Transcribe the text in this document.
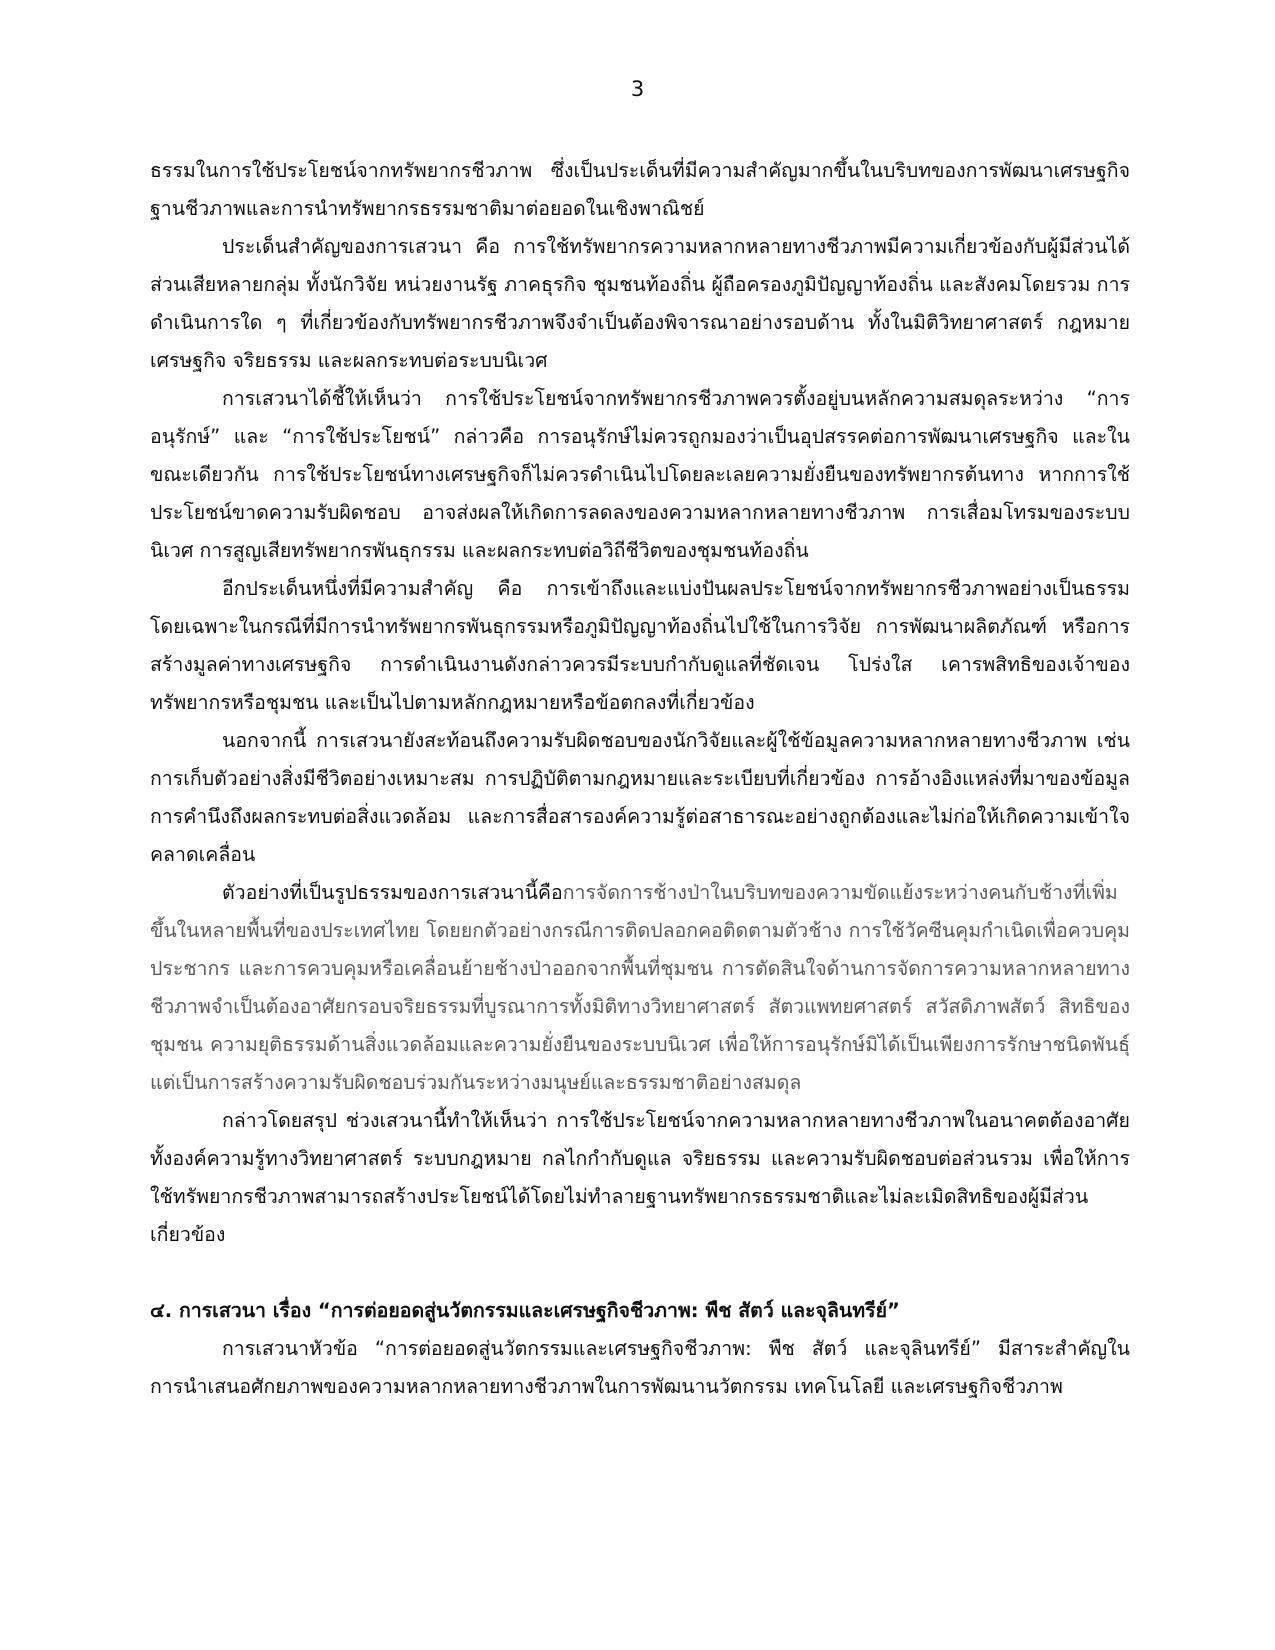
3

ธรรมในการใช้ประโยชน์จากทรัพยากรชีวภาพ ซึ่งเป็นประเด็นที่มีความสำคัญมากขึ้นในบริบทของการพัฒนาเศรษฐกิจฐานชีวภาพและการนำทรัพยากรธรรมชาติมาต่อยอดในเชิงพาณิชย์

ประเด็นสำคัญของการเสวนา คือ การใช้ทรัพยากรความหลากหลายทางชีวภาพมีความเกี่ยวข้องกับผู้มีส่วนได้ส่วนเสียหลายกลุ่ม ทั้งนักวิจัย หน่วยงานรัฐ ภาคธุรกิจ ชุมชนท้องถิ่น ผู้ถือครองภูมิปัญญาท้องถิ่น และสังคมโดยรวม การดำเนินการใด ๆ ที่เกี่ยวข้องกับทรัพยากรชีวภาพจึงจำเป็นต้องพิจารณาอย่างรอบด้าน ทั้งในมิติวิทยาศาสตร์ กฎหมาย เศรษฐกิจ จริยธรรม และผลกระทบต่อระบบนิเวศ

การเสวนาได้ชี้ให้เห็นว่า การใช้ประโยชน์จากทรัพยากรชีวภาพควรตั้งอยู่บนหลักความสมดุลระหว่าง “การอนุรักษ์” และ “การใช้ประโยชน์” กล่าวคือ การอนุรักษ์ไม่ควรถูกมองว่าเป็นอุปสรรคต่อการพัฒนาเศรษฐกิจ และในขณะเดียวกัน การใช้ประโยชน์ทางเศรษฐกิจก็ไม่ควรดำเนินไปโดยละเลยความยั่งยืนของทรัพยากรต้นทาง หากการใช้ประโยชน์ขาดความรับผิดชอบ อาจส่งผลให้เกิดการลดลงของความหลากหลายทางชีวภาพ การเสื่อมโทรมของระบบนิเวศ การสูญเสียทรัพยากรพันธุกรรม และผลกระทบต่อวิถีชีวิตของชุมชนท้องถิ่น

อีกประเด็นหนึ่งที่มีความสำคัญ คือ การเข้าถึงและแบ่งปันผลประโยชน์จากทรัพยากรชีวภาพอย่างเป็นธรรม โดยเฉพาะในกรณีที่มีการนำทรัพยากรพันธุกรรมหรือภูมิปัญญาท้องถิ่นไปใช้ในการวิจัย การพัฒนาผลิตภัณฑ์ หรือการสร้างมูลค่าทางเศรษฐกิจ การดำเนินงานดังกล่าวควรมีระบบกำกับดูแลที่ชัดเจน โปร่งใส เคารพสิทธิของเจ้าของทรัพยากรหรือชุมชน และเป็นไปตามหลักกฎหมายหรือข้อตกลงที่เกี่ยวข้อง

นอกจากนี้ การเสวนายังสะท้อนถึงความรับผิดชอบของนักวิจัยและผู้ใช้ข้อมูลความหลากหลายทางชีวภาพ เช่น การเก็บตัวอย่างสิ่งมีชีวิตอย่างเหมาะสม การปฏิบัติตามกฎหมายและระเบียบที่เกี่ยวข้อง การอ้างอิงแหล่งที่มาของข้อมูล การคำนึงถึงผลกระทบต่อสิ่งแวดล้อม และการสื่อสารองค์ความรู้ต่อสาธารณะอย่างถูกต้องและไม่ก่อให้เกิดความเข้าใจคลาดเคลื่อน

ตัวอย่างที่เป็นรูปธรรมของการเสวนานี้คือการจัดการช้างป่าในบริบทของความขัดแย้งระหว่างคนกับช้างที่เพิ่มขึ้นในหลายพื้นที่ของประเทศไทย โดยยกตัวอย่างกรณีการติดปลอกคอติดตามตัวช้าง การใช้วัคซีนคุมกำเนิดเพื่อควบคุมประชากร และการควบคุมหรือเคลื่อนย้ายช้างป่าออกจากพื้นที่ชุมชน การตัดสินใจด้านการจัดการความหลากหลายทางชีวภาพจำเป็นต้องอาศัยกรอบจริยธรรมที่บูรณาการทั้งมิติทางวิทยาศาสตร์ สัตวแพทยศาสตร์ สวัสดิภาพสัตว์ สิทธิของชุมชน ความยุติธรรมด้านสิ่งแวดล้อมและความยั่งยืนของระบบนิเวศ เพื่อให้การอนุรักษ์มิได้เป็นเพียงการรักษาชนิดพันธุ์ แต่เป็นการสร้างความรับผิดชอบร่วมกันระหว่างมนุษย์และธรรมชาติอย่างสมดุล

กล่าวโดยสรุป ช่วงเสวนานี้ทำให้เห็นว่า การใช้ประโยชน์จากความหลากหลายทางชีวภาพในอนาคตต้องอาศัยทั้งองค์ความรู้ทางวิทยาศาสตร์ ระบบกฎหมาย กลไกกำกับดูแล จริยธรรม และความรับผิดชอบต่อส่วนรวม เพื่อให้การใช้ทรัพยากรชีวภาพสามารถสร้างประโยชน์ได้โดยไม่ทำลายฐานทรัพยากรธรรมชาติและไม่ละเมิดสิทธิของผู้มีส่วนเกี่ยวข้อง

๔. การเสวนา เรื่อง “การต่อยอดสู่นวัตกรรมและเศรษฐกิจชีวภาพ: พืช สัตว์ และจุลินทรีย์”

การเสวนาหัวข้อ “การต่อยอดสู่นวัตกรรมและเศรษฐกิจชีวภาพ: พืช สัตว์ และจุลินทรีย์” มีสาระสำคัญในการนำเสนอศักยภาพของความหลากหลายทางชีวภาพในการพัฒนานวัตกรรม เทคโนโลยี และเศรษฐกิจชีวภาพ
